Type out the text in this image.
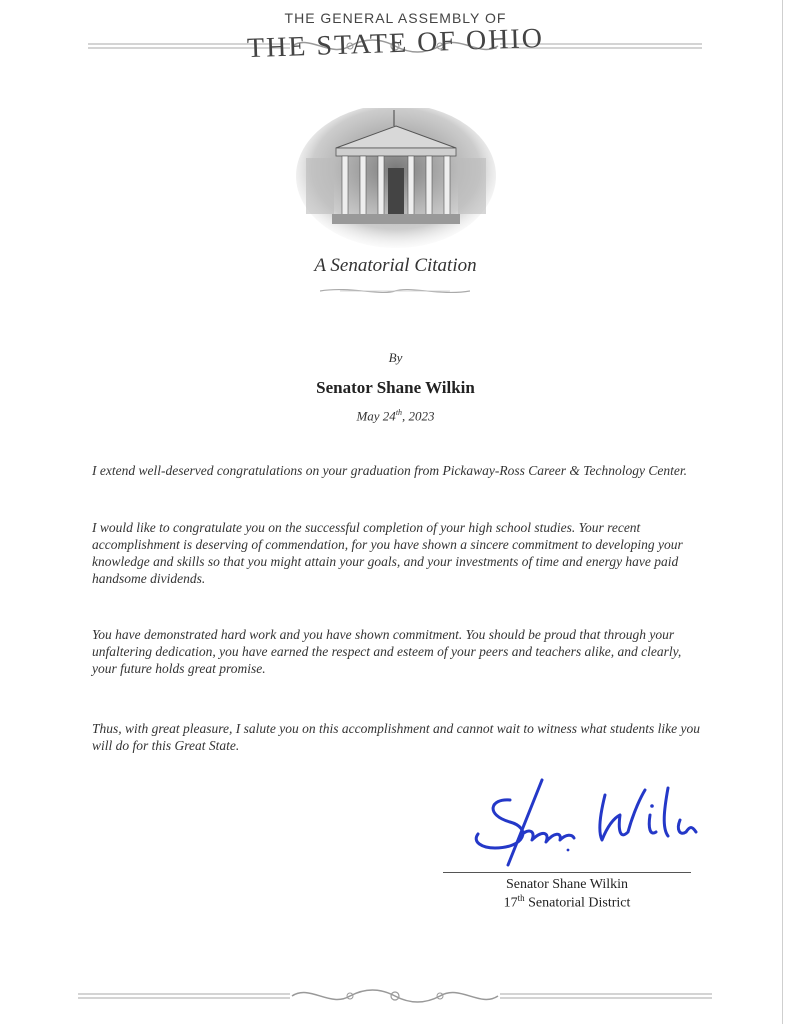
THE GENERAL ASSEMBLY OF
THE STATE OF OHIO
A Senatorial Citation
By
Senator Shane Wilkin
May 24th, 2023

I extend well-deserved congratulations on your graduation from Pickaway-Ross Career & Technology Center.

I would like to congratulate you on the successful completion of your high school studies. Your recent accomplishment is deserving of commendation, for you have shown a sincere commitment to developing your knowledge and skills so that you might attain your goals, and your investments of time and energy have paid handsome dividends.

You have demonstrated hard work and you have shown commitment. You should be proud that through your unfaltering dedication, you have earned the respect and esteem of your peers and teachers alike, and clearly, your future holds great promise.

Thus, with great pleasure, I salute you on this accomplishment and cannot wait to witness what students like you will do for this Great State.

Senator Shane Wilkin
17th Senatorial District
